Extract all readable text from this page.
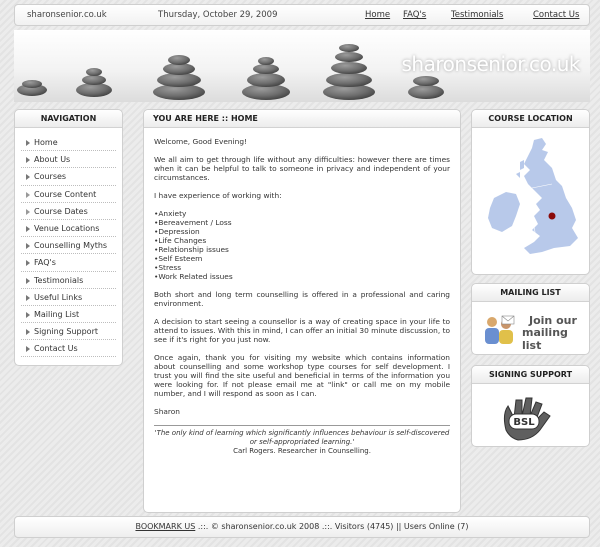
sharonsenior.co.uk	Thursday, October 29, 2009	Home FAQ's	Testimonials	Contact Us
sharonsenior.co.uk
NAVIGATION
Home
About Us
Courses
Course Content
Course Dates
Venue Locations
Counselling Myths
FAQ's
Testimonials
Useful Links
Mailing List
Signing Support
Contact Us
YOU ARE HERE :: HOME

Welcome, Good Evening!

We all aim to get through life without any difficulties: however there are times when it can be helpful to talk to someone in privacy and independent of your circumstances.

I have experience of working with:

• Anxiety
• Bereavement / Loss
• Depression
• Life Changes
• Relationship issues
• Self Esteem
• Stress
• Work Related issues

Both short and long term counselling is offered in a professional and caring environment.

A decision to start seeing a counsellor is a way of creating space in your life to attend to issues. With this in mind, I can offer an initial 30 minute discussion, to see if it's right for you just now.

Once again, thank you for visiting my website which contains information about counselling and some workshop type courses for self development. I trust you will find the site useful and beneficial in terms of the information you were looking for. If not please email me at "link" or call me on my mobile number, and I will respond as soon as I can.

Sharon

'The only kind of learning which significantly influences behaviour is self-discovered or self-appropriated learning.'
Carl Rogers. Researcher in Counselling.
COURSE LOCATION
MAILING LIST
Join our
mailing list
SIGNING SUPPORT
BSL
BOOKMARK US .::. © sharonsenior.co.uk 2008 .::. Visitors (4745) || Users Online (7)
